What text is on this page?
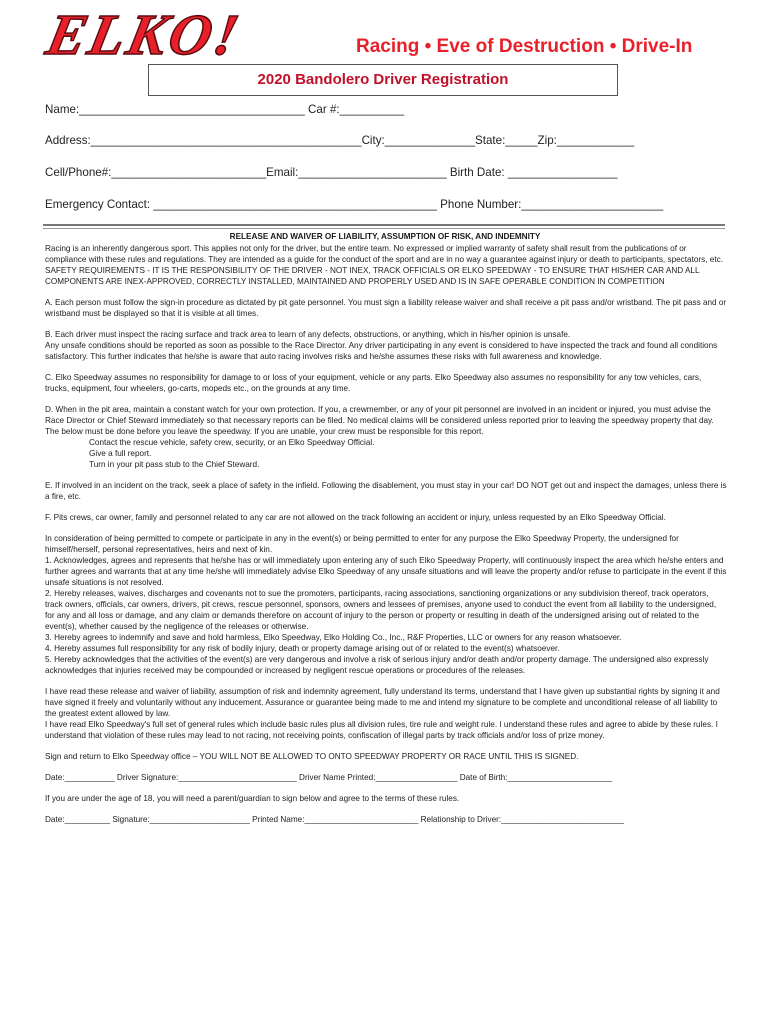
ELKO!	Racing • Eve of Destruction • Drive-In
2020 Bandolero Driver Registration
Name:___________________________________ Car #:__________
Address:__________________________________________City:______________State:_____Zip:____________
Cell/Phone#:________________________Email:_______________________ Birth Date: _________________
Emergency Contact: ____________________________________________ Phone Number:______________________
RELEASE AND WAIVER OF LIABILITY, ASSUMPTION OF RISK, AND INDEMNITY

Racing is an inherently dangerous sport. This applies not only for the driver, but the entire team. No expressed or implied warranty of safety shall result from the publications of or compliance with these rules and regulations. They are intended as a guide for the conduct of the sport and are in no way a guarantee against injury or death to participants, spectators, etc.

SAFETY REQUIREMENTS - IT IS THE RESPONSIBILITY OF THE DRIVER - NOT INEX, TRACK OFFICIALS OR ELKO SPEEDWAY - TO ENSURE THAT HIS/HER CAR AND ALL COMPONENTS ARE INEX-APPROVED, CORRECTLY INSTALLED, MAINTAINED AND PROPERLY USED AND IS IN SAFE OPERABLE CONDITION IN COMPETITION

A. Each person must follow the sign-in procedure as dictated by pit gate personnel. You must sign a liability release waiver and shall receive a pit pass and/or wristband. The pit pass and or wristband must be displayed so that it is visible at all times.

B. Each driver must inspect the racing surface and track area to learn of any defects, obstructions, or anything, which in his/her opinion is unsafe.

Any unsafe conditions should be reported as soon as possible to the Race Director. Any driver participating in any event is considered to have inspected the track and found all conditions satisfactory. This further indicates that he/she is aware that auto racing involves risks and he/she assumes these risks with full awareness and knowledge.

C. Elko Speedway assumes no responsibility for damage to or loss of your equipment, vehicle or any parts. Elko Speedway also assumes no responsibility for any tow vehicles, cars, trucks, equipment, four wheelers, go-carts, mopeds etc., on the grounds at any time.

D. When in the pit area, maintain a constant watch for your own protection. If you, a crewmember, or any of your pit personnel are involved in an incident or injured, you must advise the Race Director or Chief Steward immediately so that necessary reports can be filed. No medical claims will be considered unless reported prior to leaving the speedway property that day. The below must be done before you leave the speedway. If you are unable, your crew must be responsible for this report.

Contact the rescue vehicle, safety crew, security, or an Elko Speedway Official.

Give a full report.

Turn in your pit pass stub to the Chief Steward.

E. If involved in an incident on the track, seek a place of safety in the infield. Following the disablement, you must stay in your car! DO NOT get out and inspect the damages, unless there is a fire, etc.

F. Pits crews, car owner, family and personnel related to any car are not allowed on the track following an accident or injury, unless requested by an Elko Speedway Official.

In consideration of being permitted to compete or participate in any in the event(s) or being permitted to enter for any purpose the Elko Speedway Property, the undersigned for himself/herself, personal representatives, heirs and next of kin.

1. Acknowledges, agrees and represents that he/she has or will immediately upon entering any of such Elko Speedway Property, will continuously inspect the area which he/she enters and further agrees and warrants that at any time he/she will immediately advise Elko Speedway of any unsafe situations and will leave the property and/or refuse to participate in the event if this unsafe situations is not resolved.

2. Hereby releases, waives, discharges and covenants not to sue the promoters, participants, racing associations, sanctioning organizations or any subdivision thereof, track operators, track owners, officials, car owners, drivers, pit crews, rescue personnel, sponsors, owners and lessees of premises, anyone used to conduct the event from all liability to the undersigned, for any and all loss or damage, and any claim or demands therefore on account of injury to the person or property or resulting in death of the undersigned arising out of related to the event(s), whether caused by the negligence of the releases or otherwise.

3. Hereby agrees to indemnify and save and hold harmless, Elko Speedway, Elko Holding Co., Inc., R&F Properties, LLC or owners for any reason whatsoever.

4. Hereby assumes full responsibility for any risk of bodily injury, death or property damage arising out of or related to the event(s) whatsoever.

5. Hereby acknowledges that the activities of the event(s) are very dangerous and involve a risk of serious injury and/or death and/or property damage. The undersigned also expressly acknowledges that injuries received may be compounded or increased by negligent rescue operations or procedures of the releases.

I have read these release and waiver of liability, assumption of risk and indemnity agreement, fully understand its terms, understand that I have given up substantial rights by signing it and have signed it freely and voluntarily without any inducement. Assurance or guarantee being made to me and intend my signature to be complete and unconditional release of all liability to the greatest extent allowed by law.

I have read Elko Speedway's full set of general rules which include basic rules plus all division rules, tire rule and weight rule. I understand these rules and agree to abide by these rules. I understand that violation of these rules may lead to not racing, not receiving points, confiscation of illegal parts by track officials and/or loss of prize money.

Sign and return to Elko Speedway office – YOU WILL NOT BE ALLOWED TO ONTO SPEEDWAY PROPERTY OR RACE UNTIL THIS IS SIGNED.

Date:___________ Driver Signature:__________________________ Driver Name Printed:__________________ Date of Birth:_______________________

If you are under the age of 18, you will need a parent/guardian to sign below and agree to the terms of these rules.

Date:__________ Signature:______________________ Printed Name:_________________________ Relationship to Driver:___________________________
